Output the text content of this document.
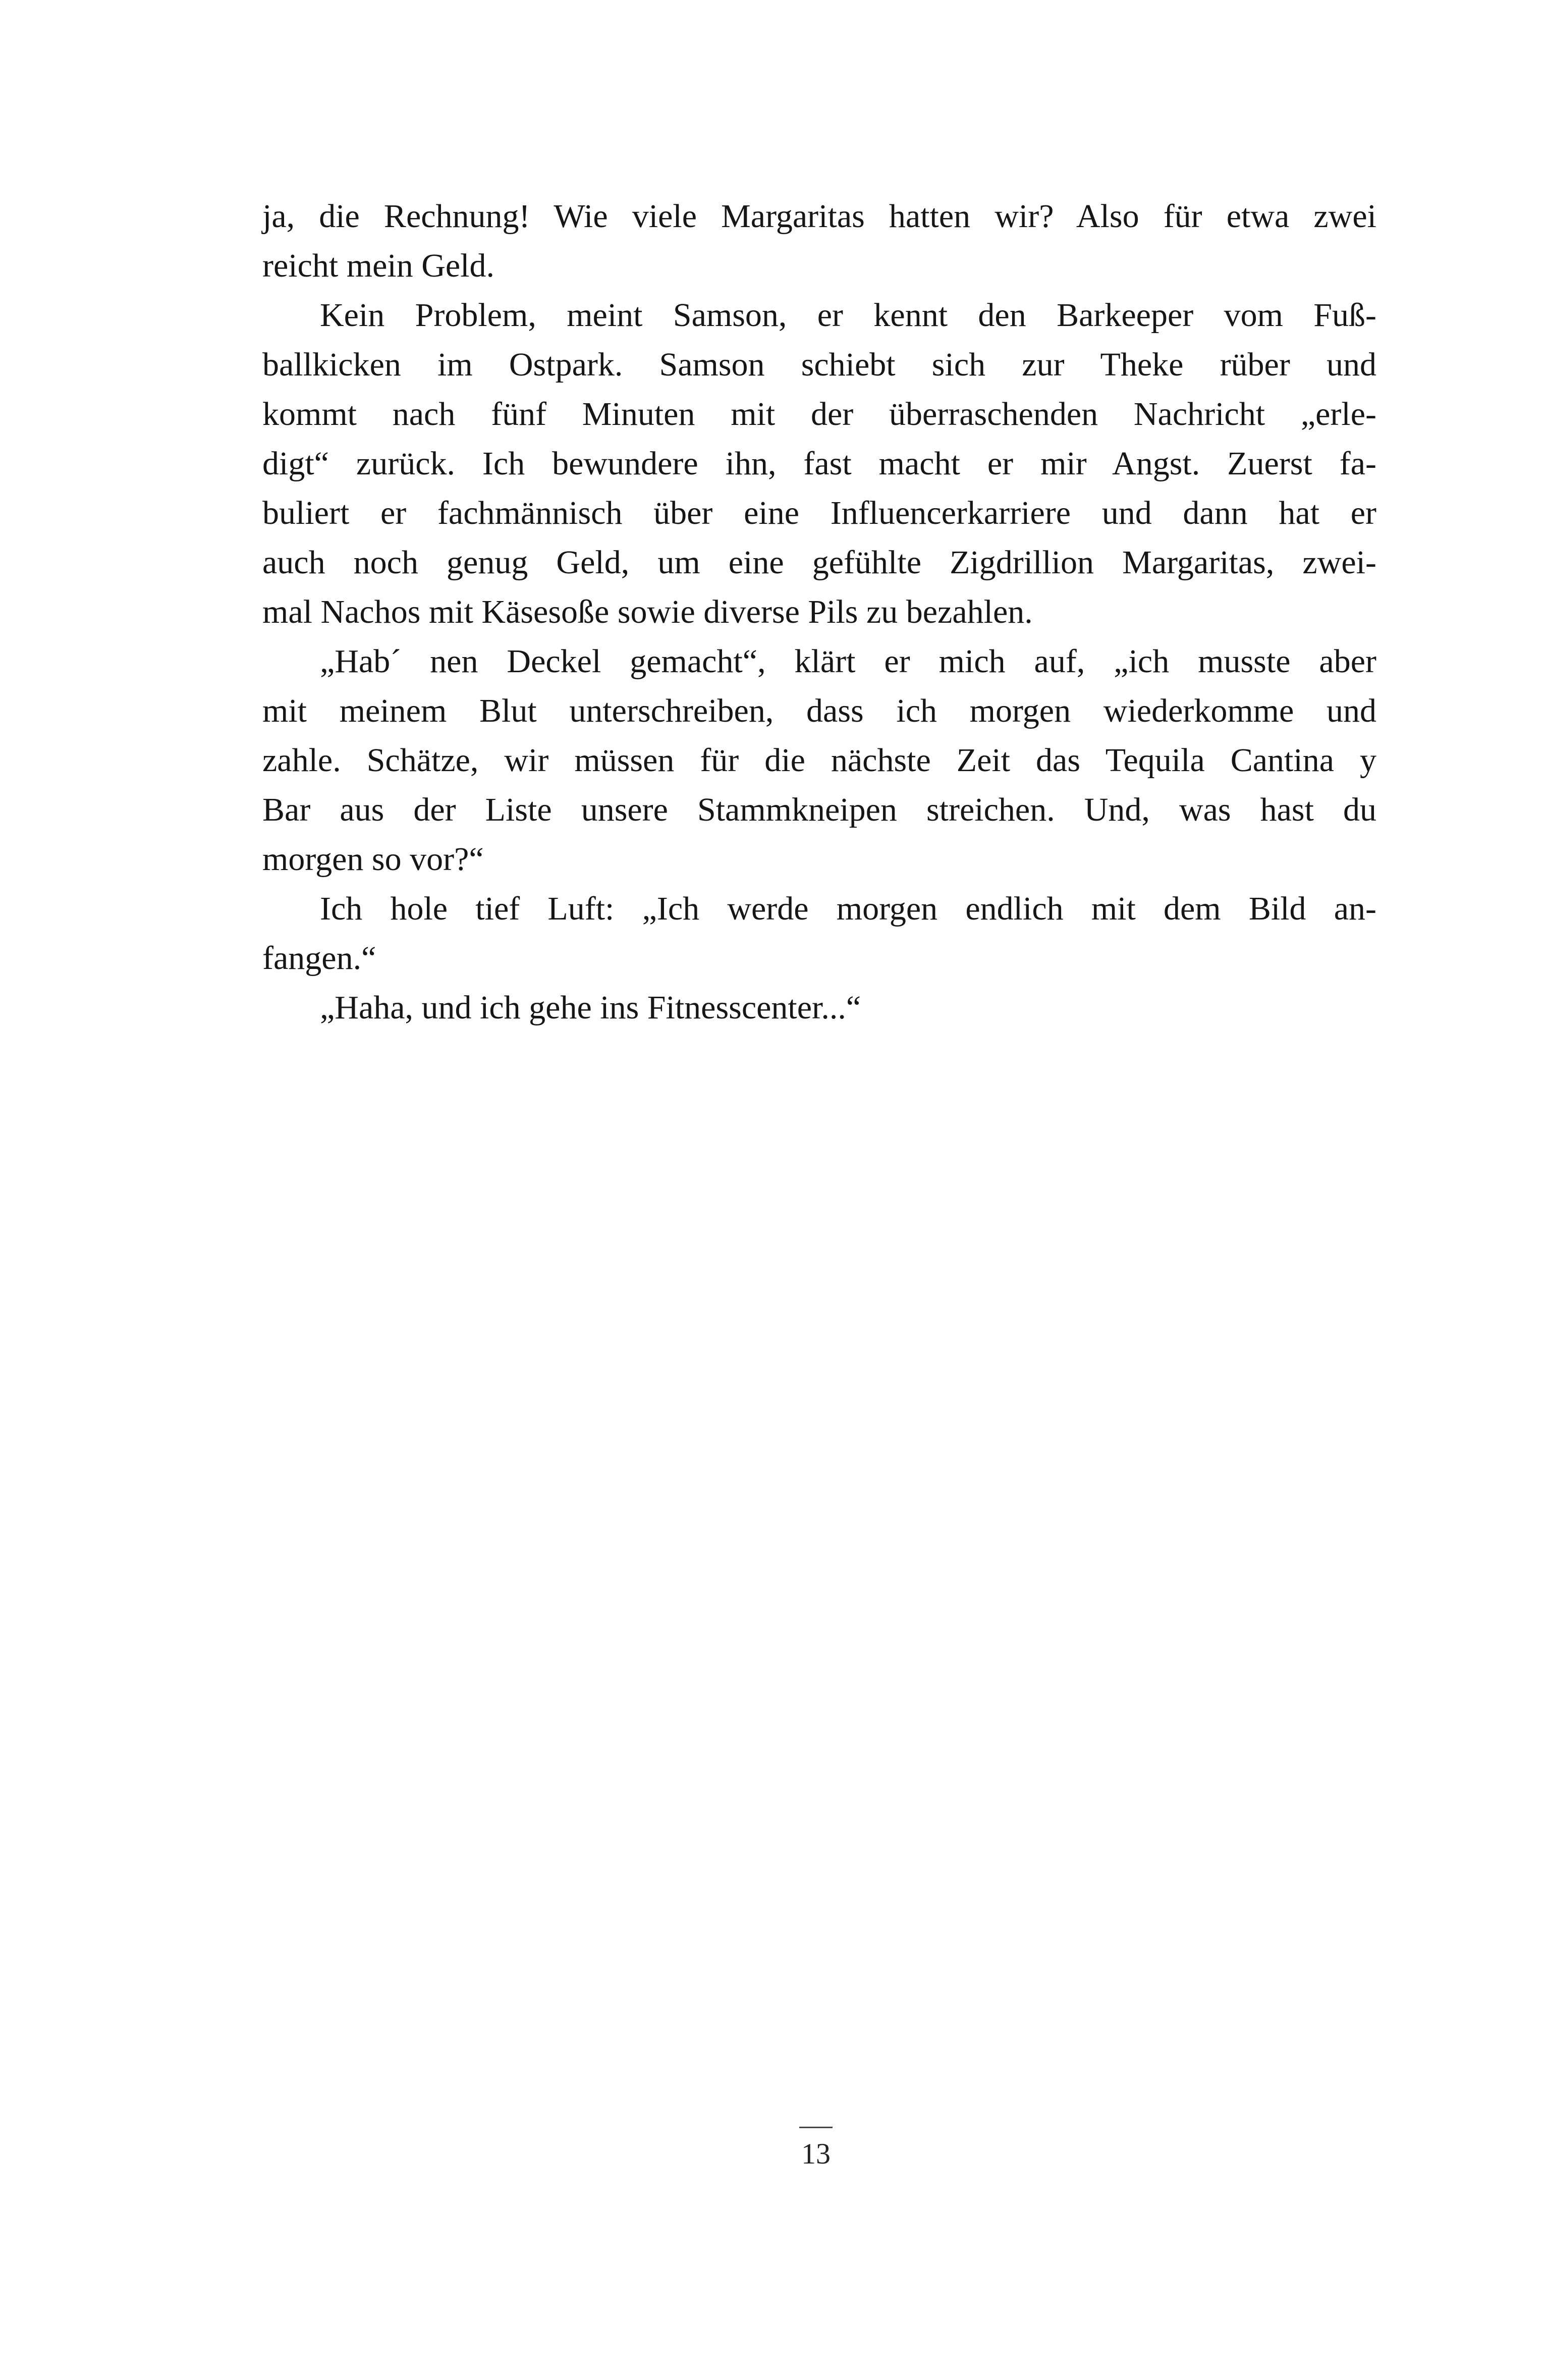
ja, die Rechnung! Wie viele Margaritas hatten wir? Also für etwa zwei
reicht mein Geld.
Kein Problem, meint Samson, er kennt den Barkeeper vom Fuß-
ballkicken im Ostpark. Samson schiebt sich zur Theke rüber und
kommt nach fünf Minuten mit der überraschenden Nachricht „erle-
digt“ zurück. Ich bewundere ihn, fast macht er mir Angst. Zuerst fa-
buliert er fachmännisch über eine Influencerkarriere und dann hat er
auch noch genug Geld, um eine gefühlte Zigdrillion Margaritas, zwei-
mal Nachos mit Käsesoße sowie diverse Pils zu bezahlen.
„Hab´ nen Deckel gemacht“, klärt er mich auf, „ich musste aber
mit meinem Blut unterschreiben, dass ich morgen wiederkomme und
zahle. Schätze, wir müssen für die nächste Zeit das Tequila Cantina y
Bar aus der Liste unsere Stammkneipen streichen. Und, was hast du
morgen so vor?“
Ich hole tief Luft: „Ich werde morgen endlich mit dem Bild an-
fangen.“
„Haha, und ich gehe ins Fitnesscenter...“
13
